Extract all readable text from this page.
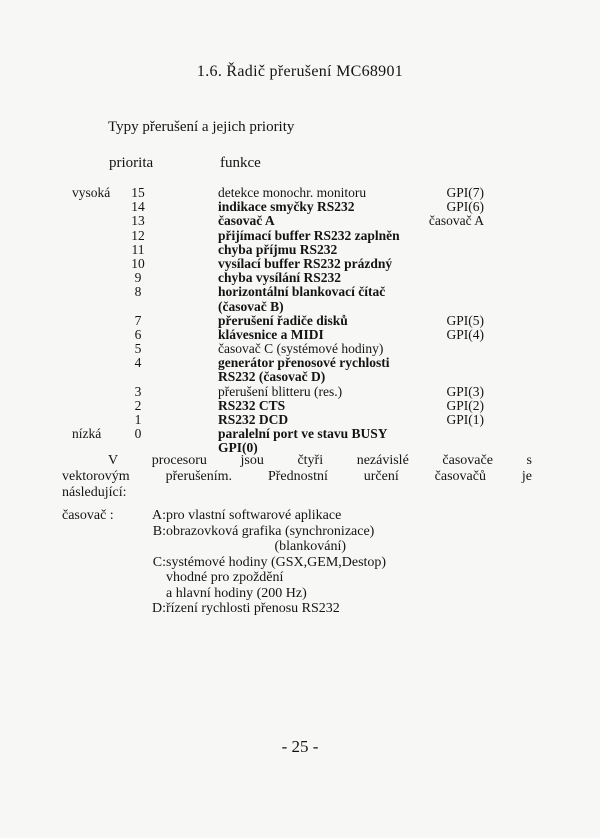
1.6. Řadič přerušení MC68901
Typy přerušení a jejich priority
priorita	funkce
vysoká	15	detekce monochr. monitoru	GPI(7)
14	indikace smyčky RS232	GPI(6)
13	časovač A	časovač A
12	přijímací buffer RS232 zaplněn
11	chyba příjmu RS232
10	vysílací buffer RS232 prázdný
9	chyba vysílání RS232
8	horizontální blankovací čítač
(časovač B)
7	přerušení řadiče disků	GPI(5)
6	klávesnice a MIDI	GPI(4)
5	časovač C (systémové hodiny)
4	generátor přenosové rychlosti
RS232 (časovač D)
3	přerušení blitteru (res.)	GPI(3)
2	RS232 CTS	GPI(2)
1	RS232 DCD	GPI(1)
nízká	0	paralelní port ve stavu BUSY
GPI(0)
V procesoru jsou čtyři nezávislé časovače s
vektorovým	přerušením.	Přednostní	určení	časovačů	je
následující:
časovač :	A: pro vlastní softwarové aplikace
B: obrazovková grafika (synchronizace)
(blankování)
C: systémové hodiny (GSX,GEM,Destop)
vhodné pro zpoždění
a hlavní hodiny (200 Hz)
D: řízení rychlosti přenosu RS232
- 25 -
